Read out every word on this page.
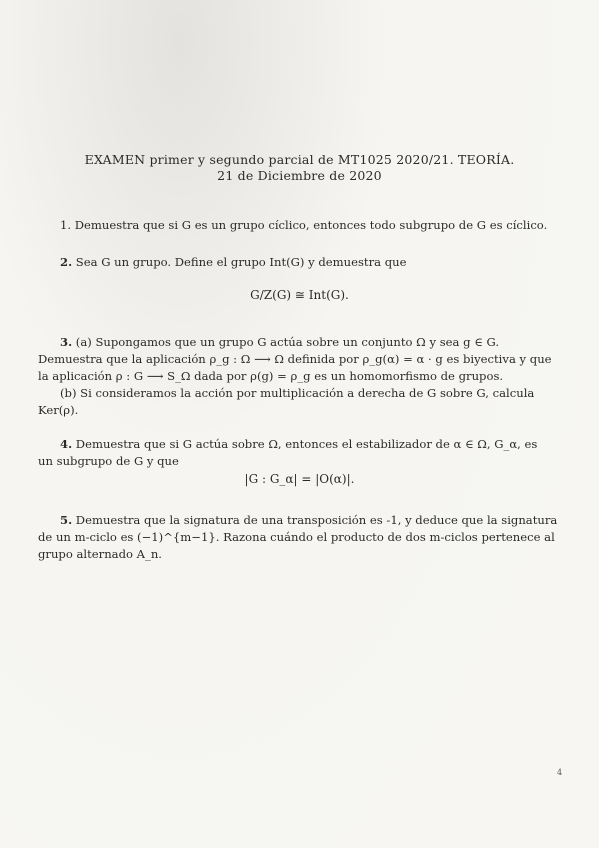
EXAMEN primer y segundo parcial de MT1025 2020/21. TEORÍA.
21 de Diciembre de 2020
1. Demuestra que si G es un grupo cíclico, entonces todo subgrupo de G es cíclico.
2. Sea G un grupo. Define el grupo Int(G) y demuestra que
G/Z(G) ≅ Int(G).
3. (a) Supongamos que un grupo G actúa sobre un conjunto Ω y sea g ∈ G.
Demuestra que la aplicación ρ_g : Ω ⟶ Ω definida por ρ_g(α) = α · g es biyectiva y que
la aplicación ρ : G ⟶ S_Ω dada por ρ(g) = ρ_g es un homomorfismo de grupos.
(b) Si consideramos la acción por multiplicación a derecha de G sobre G, calcula
Ker(ρ).
4. Demuestra que si G actúa sobre Ω, entonces el estabilizador de α ∈ Ω, G_α, es
un subgrupo de G y que
|G : G_α| = |O(α)|.
5. Demuestra que la signatura de una transposición es -1, y deduce que la signatura
de un m-ciclo es (−1)^{m−1}. Razona cuándo el producto de dos m-ciclos pertenece al
grupo alternado A_n.
4
